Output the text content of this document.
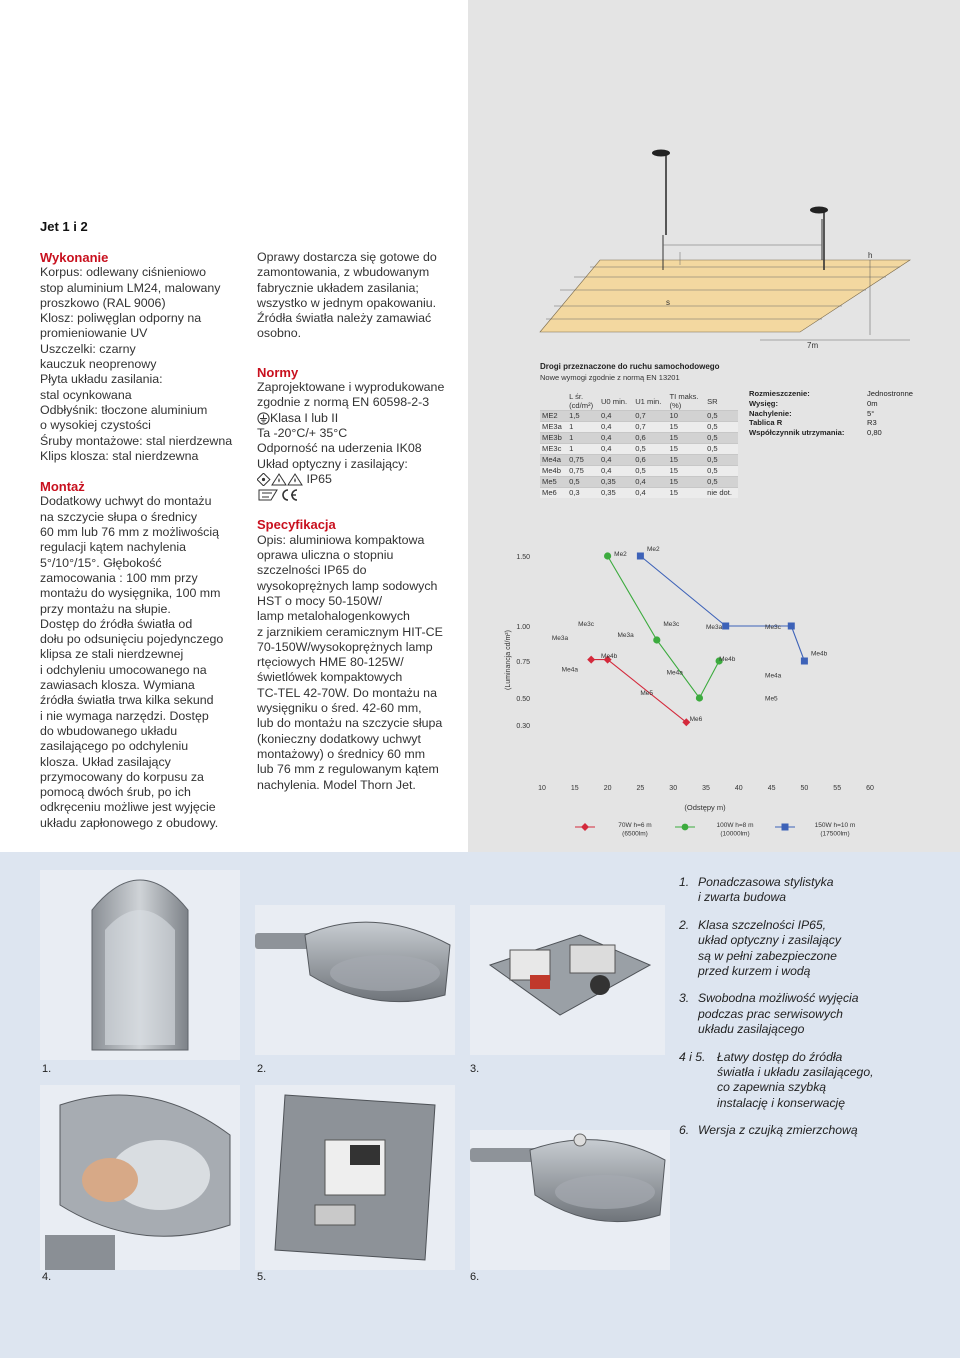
Jet 1 i 2
Wykonanie
Korpus: odlewany ciśnieniowo
stop aluminium LM24, malowany
proszkowo (RAL 9006)
Klosz: poliwęglan odporny na
promieniowanie UV
Uszczelki: czarny
kauczuk neoprenowy
Płyta układu zasilania:
stal ocynkowana
Odbłyśnik: tłoczone aluminium
o wysokiej czystości
Śruby montażowe: stal nierdzewna
Klips klosza: stal nierdzewna
Montaż
Dodatkowy uchwyt do montażu
na szczycie słupa o średnicy
60 mm lub 76 mm z możliwością
regulacji kątem nachylenia
5°/10°/15°. Głębokość
zamocowania : 100 mm przy
montażu do wysięgnika, 100 mm
przy montażu na słupie.
Dostęp do źródła światła od
dołu po odsunięciu pojedynczego
klipsa ze stali nierdzewnej
i odchyleniu umocowanego na
zawiasach klosza. Wymiana
źródła światła trwa kilka sekund
i nie wymaga narzędzi. Dostęp
do wbudowanego układu
zasilającego po odchyleniu
klosza. Układ zasilający
przymocowany do korpusu za
pomocą dwóch śrub, po ich
odkręceniu możliwe jest wyjęcie
układu zapłonowego z obudowy.
Oprawy dostarcza się gotowe do
zamontowania, z wbudowanym
fabrycznie układem zasilania;
wszystko w jednym opakowaniu.
Źródła światła należy zamawiać
osobno.
Normy
Zaprojektowane i wyprodukowane
zgodnie z normą EN 60598-2-3
Klasa I lub II
Ta -20°C/+ 35°C
Odporność na uderzenia IK08
Układ optyczny i zasilający:
IP65
Specyfikacja
Opis: aluminiowa kompaktowa
oprawa uliczna o stopniu
szczelności IP65 do
wysokoprężnych lamp sodowych
HST o mocy 50-150W/
lamp metalohalogenkowych
z jarznikiem ceramicznym HIT-CE
70-150W/wysokoprężnych lamp
rtęciowych HME 80-125W/
świetlówek kompaktowych
TC-TEL 42-70W. Do montażu na
wysięgniku o śred. 42-60 mm,
lub do montażu na szczycie słupa
(konieczny dodatkowy uchwyt
montażowy) o średnicy 60 mm
lub 76 mm z regulowanym kątem
nachylenia. Model Thorn Jet.
s
h
7m
Drogi przeznaczone do ruchu samochodowego
Nowe wymogi zgodnie z normą EN 13201

	L śr.
(cd/m²)	U0 min.	U1 min.	TI maks.
(%)	SR

ME2	1,5	0,4	0,7	10	0,5
ME3a	1	0,4	0,7	15	0,5
ME3b	1	0,4	0,6	15	0,5
ME3c	1	0,4	0,5	15	0,5
Me4a	0,75	0,4	0,6	15	0,5
Me4b	0,75	0,4	0,5	15	0,5
Me5	0,5	0,35	0,4	15	0,5
Me6	0,3	0,35	0,4	15	nie dot.
Rozmieszczenie:	Jednostronne
Wysięg:	0m
Nachylenie:	5°
Tablica R	R3
Współczynnik utrzymania:	0,80
1.50
1.00
0.75
0.50
0.30
10	15	20	25	30	35	40	45	50	55	60
(Odstępy m)
(Luminancja cd/m²)
Me2
Me2
Me3c
Me3a	Me3a
Me3c	Me3a	Me3c
Me4b
Me4a	Me4a
Me4b
Me4a
Me4b
Me5
Me5
Me6
70W h=6 m
(6500lm)
100W h=8 m
(10000lm)
150W h=10 m
(17500lm)
1.	2.	3.
4.	5.	6.
1. Ponadczasowa stylistyka
i zwarta budowa
2. Klasa szczelności IP65,
układ optyczny i zasilający
są w pełni zabezpieczone
przed kurzem i wodą
3. Swobodna możliwość wyjęcia
podczas prac serwisowych
układu zasilającego
4 i 5. Łatwy dostęp do źródła
światła i układu zasilającego,
co zapewnia szybką
instalację i konserwację
6. Wersja z czujką zmierzchową
